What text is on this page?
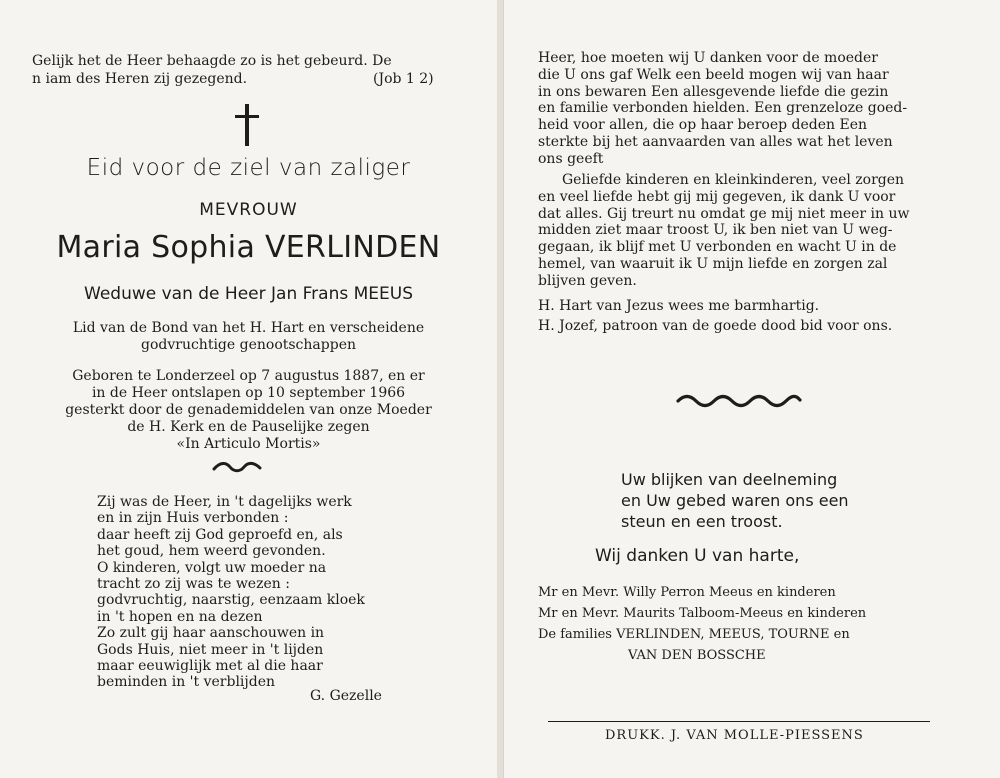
Gelijk het de Heer behaagde zo is het gebeurd. De
n iam des Heren zij gezegend.	(Job 1 2)
Eid voor de ziel van zaliger
MEVROUW
Maria Sophia VERLINDEN
Weduwe van de Heer Jan Frans MEEUS
Lid van de Bond van het H. Hart en verscheidene
godvruchtige genootschappen
Geboren te Londerzeel op 7 augustus 1887, en er
in de Heer ontslapen op 10 september 1966
gesterkt door de genademiddelen van onze Moeder
de H. Kerk en de Pauselijke zegen
«In Articulo Mortis»
Zij was de Heer, in 't dagelijks werk
en in zijn Huis verbonden :
daar heeft zij God geproefd en, als
het goud, hem weerd gevonden.
O kinderen, volgt uw moeder na
tracht zo zij was te wezen :
godvruchtig, naarstig, eenzaam kloek
in 't hopen en na dezen
Zo zult gij haar aanschouwen in
Gods Huis, niet meer in 't lijden
maar eeuwiglijk met al die haar
beminden in 't verblijden
G. Gezelle
Heer, hoe moeten wij U danken voor de moeder
die U ons gaf Welk een beeld mogen wij van haar
in ons bewaren Een allesgevende liefde die gezin
en familie verbonden hielden. Een grenzeloze goed-
heid voor allen, die op haar beroep deden Een
sterkte bij het aanvaarden van alles wat het leven
ons geeft
Geliefde kinderen en kleinkinderen, veel zorgen
en veel liefde hebt gij mij gegeven, ik dank U voor
dat alles. Gij treurt nu omdat ge mij niet meer in uw
midden ziet maar troost U, ik ben niet van U weg-
gegaan, ik blijf met U verbonden en wacht U in de
hemel, van waaruit ik U mijn liefde en zorgen zal
blijven geven.
H. Hart van Jezus wees me barmhartig.
H. Jozef, patroon van de goede dood bid voor ons.
Uw blijken van deelneming
en Uw gebed waren ons een
steun en een troost.
Wij danken U van harte,
Mr en Mevr. Willy Perron Meeus en kinderen
Mr en Mevr. Maurits Talboom-Meeus en kinderen
De families VERLINDEN, MEEUS, TOURNE en
VAN DEN BOSSCHE
DRUKK. J. VAN MOLLE-PIESSENS
